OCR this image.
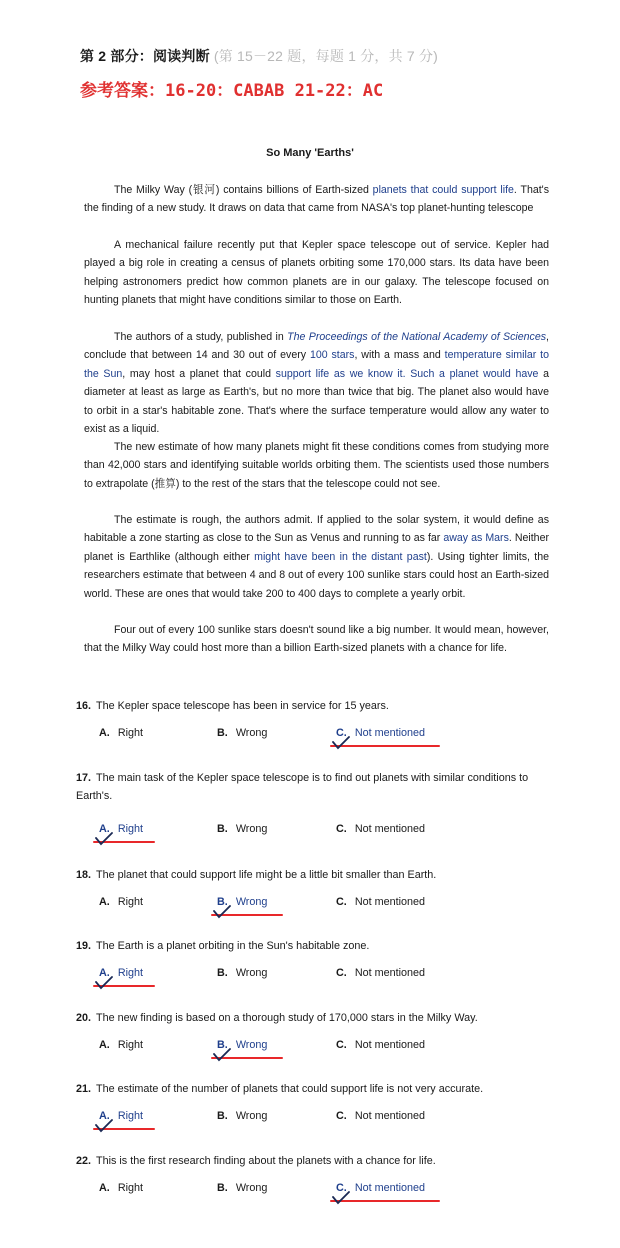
第 2 部分：阅读判断 (第 15－22 题，每题 1 分，共 7 分)
参考答案：16-20：CABAB 21-22：AC
So Many 'Earths'

The Milky Way (银河) contains billions of Earth-sized planets that could support life. That's the finding of a new study. It draws on data that came from NASA's top planet-hunting telescope

A mechanical failure recently put that Kepler space telescope out of service. Kepler had played a big role in creating a census of planets orbiting some 170,000 stars. Its data have been helping astronomers predict how common planets are in our galaxy. The telescope focused on hunting planets that might have conditions similar to those on Earth.

The authors of a study, published in The Proceedings of the National Academy of Sciences, conclude that between 14 and 30 out of every 100 stars, with a mass and temperature similar to the Sun, may host a planet that could support life as we know it. Such a planet would have a diameter at least as large as Earth's, but no more than twice that big. The planet also would have to orbit in a star's habitable zone. That's where the surface temperature would allow any water to exist as a liquid.

The new estimate of how many planets might fit these conditions comes from studying more than 42,000 stars and identifying suitable worlds orbiting them. The scientists used those numbers to extrapolate (推算) to the rest of the stars that the telescope could not see.

The estimate is rough, the authors admit. If applied to the solar system, it would define as habitable a zone starting as close to the Sun as Venus and running to as far away as Mars. Neither planet is Earthlike (although either might have been in the distant past). Using tighter limits, the researchers estimate that between 4 and 8 out of every 100 sunlike stars could host an Earth-sized world. These are ones that would take 200 to 400 days to complete a yearly orbit.

Four out of every 100 sunlike stars doesn't sound like a big number. It would mean, however, that the Milky Way could host more than a billion Earth-sized planets with a chance for life.

16. The Kepler space telescope has been in service for 15 years.
A. Right	B. Wrong	C. Not mentioned
17. The main task of the Kepler space telescope is to find out planets with similar conditions to Earth's.
A. Right	B. Wrong	C. Not mentioned
18. The planet that could support life might be a little bit smaller than Earth.
A. Right	B. Wrong	C. Not mentioned
19. The Earth is a planet orbiting in the Sun's habitable zone.
A. Right	B. Wrong	C. Not mentioned
20. The new finding is based on a thorough study of 170,000 stars in the Milky Way.
A. Right	B. Wrong	C. Not mentioned
21. The estimate of the number of planets that could support life is not very accurate.
A. Right	B. Wrong	C. Not mentioned
22. This is the first research finding about the planets with a chance for life.
A. Right	B. Wrong	C. Not mentioned
